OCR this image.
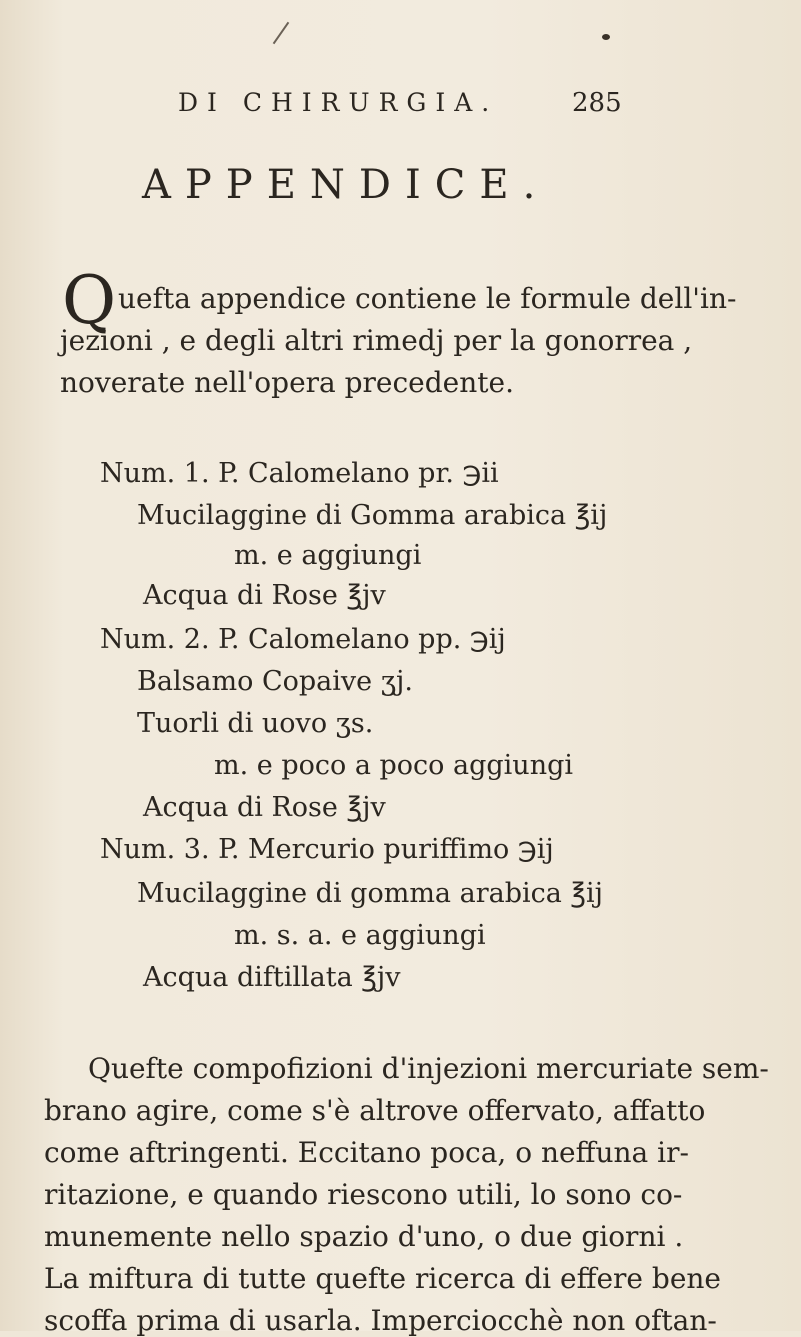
DI CHIRURGIA.	285
APPENDICE.
Q uefta appendice contiene le formule dell'in-
jezioni , e degli altri rimedj per la gonorrea ,
noverate nell'opera precedente.
Num. 1. P. Calomelano pr. ℈ii
Mucilaggine di Gomma arabica ℥ij
m. e aggiungi
Acqua di Rose ℥jv
Num. 2. P. Calomelano pp. ℈ij
Balsamo Copaive ʒj.
Tuorli di uovo ʒs.
m. e poco a poco aggiungi
Acqua di Rose ℥jv
Num. 3. P. Mercurio puriffimo ℈ij
Mucilaggine di gomma arabica ℥ij
m. s. a. e aggiungi
Acqua diftillata ℥jv
Quefte compofizioni d'injezioni mercuriate sem-
brano agire, come s'è altrove offervato, affatto
come aftringenti. Eccitano poca, o neffuna ir-
ritazione, e quando riescono utili, lo sono co-
munemente nello spazio d'uno, o due giorni .
La miftura di tutte quefte ricerca di effere bene
scoffa prima di usarla. Imperciocchè non oftan-
